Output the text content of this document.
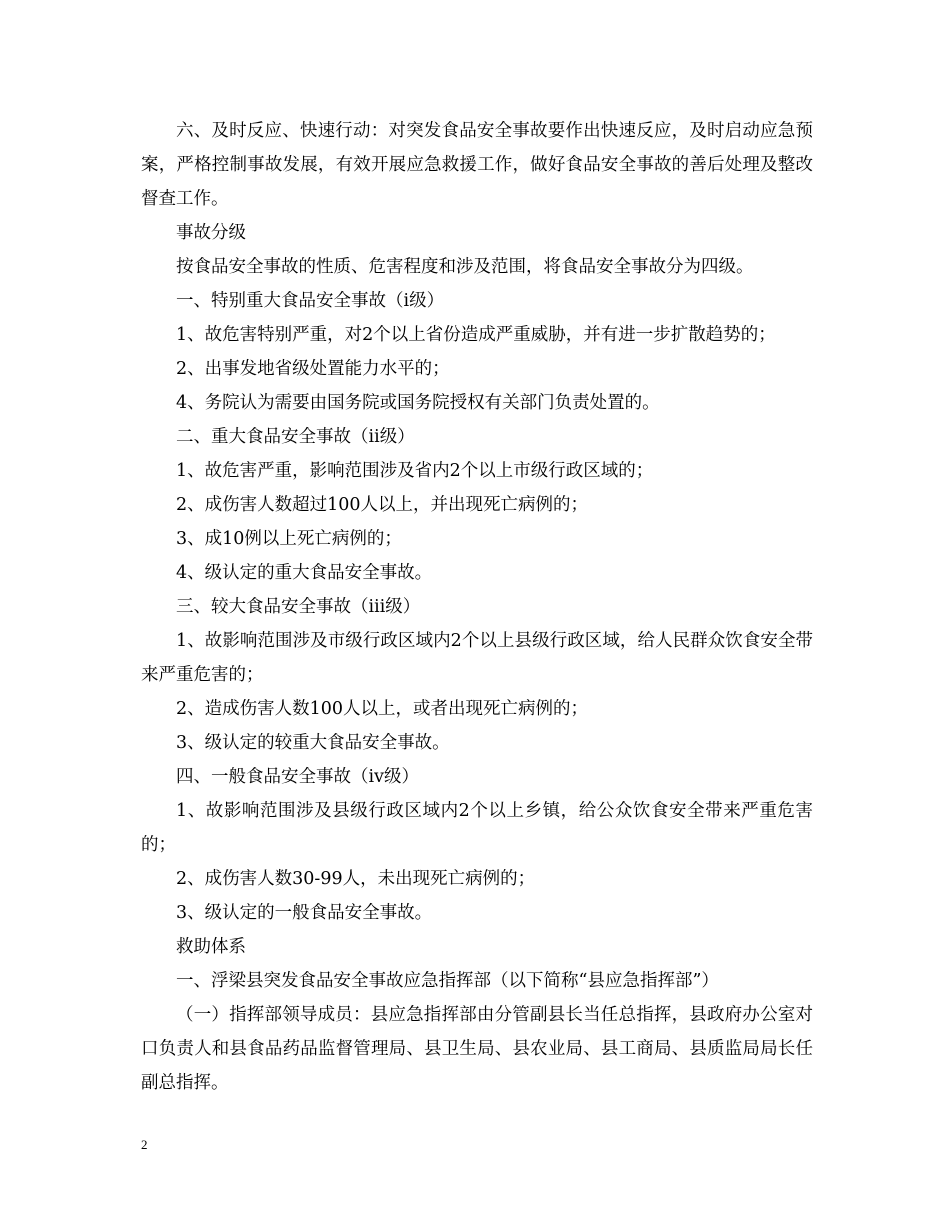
六、及时反应、快速行动：对突发食品安全事故要作出快速反应，及时启动应急预案，严格控制事故发展，有效开展应急救援工作，做好食品安全事故的善后处理及整改督查工作。

事故分级

按食品安全事故的性质、危害程度和涉及范围，将食品安全事故分为四级。

一、特别重大食品安全事故（ⅰ级）

1、故危害特别严重，对2个以上省份造成严重威胁，并有进一步扩散趋势的；

2、出事发地省级处置能力水平的；

4、务院认为需要由国务院或国务院授权有关部门负责处置的。

二、重大食品安全事故（ⅱ级）

1、故危害严重，影响范围涉及省内2个以上市级行政区域的；

2、成伤害人数超过100人以上，并出现死亡病例的；

3、成10例以上死亡病例的；

4、级认定的重大食品安全事故。

三、较大食品安全事故（ⅲ级）

1、故影响范围涉及市级行政区域内2个以上县级行政区域，给人民群众饮食安全带来严重危害的；

2、造成伤害人数100人以上，或者出现死亡病例的；

3、级认定的较重大食品安全事故。

四、一般食品安全事故（ⅳ级）

1、故影响范围涉及县级行政区域内2个以上乡镇，给公众饮食安全带来严重危害的；

2、成伤害人数30-99人，未出现死亡病例的；

3、级认定的一般食品安全事故。

救助体系

一、浮梁县突发食品安全事故应急指挥部（以下简称“县应急指挥部”）

（一）指挥部领导成员：县应急指挥部由分管副县长当任总指挥，县政府办公室对口负责人和县食品药品监督管理局、县卫生局、县农业局、县工商局、县质监局局长任副总指挥。

2
